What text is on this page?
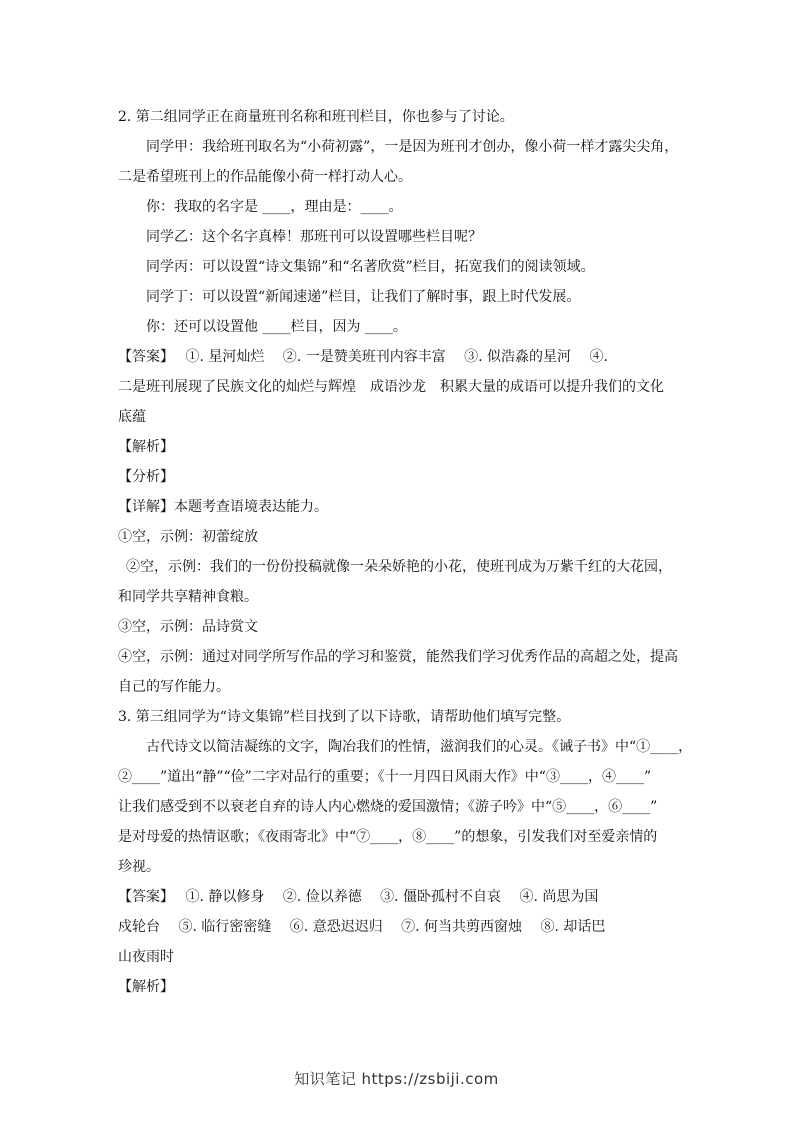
2. 第二组同学正在商量班刊名称和班刊栏目，你也参与了讨论。

同学甲：我给班刊取名为“小荷初露”，一是因为班刊才创办，像小荷一样才露尖尖角，

二是希望班刊上的作品能像小荷一样打动人心。

你：我取的名字是 ____，理由是：____。

同学乙：这个名字真棒！那班刊可以设置哪些栏目呢？

同学丙：可以设置“诗文集锦”和“名著欣赏”栏目，拓宽我们的阅读领域。

同学丁：可以设置“新闻速递”栏目，让我们了解时事，跟上时代发展。

你：还可以设置他 ____栏目，因为 ____。

【答案】　 ①. 星河灿烂　 ②. 一是赞美班刊内容丰富　 ③. 似浩淼的星河　 ④.

二是班刊展现了民族文化的灿烂与辉煌　成语沙龙　积累大量的成语可以提升我们的文化

底蕴

【解析】

【分析】

【详解】本题考查语境表达能力。

①空，示例：初蕾绽放

②空，示例：我们的一份份投稿就像一朵朵娇艳的小花，使班刊成为万紫千红的大花园，

和同学共享精神食粮。

③空，示例：品诗赏文

④空，示例：通过对同学所写作品的学习和鉴赏，能然我们学习优秀作品的高超之处，提高

自己的写作能力。

3. 第三组同学为“诗文集锦”栏目找到了以下诗歌，请帮助他们填写完整。

古代诗文以简洁凝练的文字，陶冶我们的性情，滋润我们的心灵。《诫子书》中“①____，

②____”道出“静”“俭”二字对品行的重要；《十一月四日风雨大作》中“③____，④____”

让我们感受到不以衰老自弃的诗人内心燃烧的爱国激情；《游子吟》中“⑤____，⑥____”

是对母爱的热情讴歌；《夜雨寄北》中“⑦____，⑧____”的想象，引发我们对至爱亲情的

珍视。

【答案】　 ①. 静以修身　 ②. 俭以养德　 ③. 僵卧孤村不自哀　 ④. 尚思为国

戍轮台　 ⑤. 临行密密缝　 ⑥. 意恐迟迟归　 ⑦. 何当共剪西窗烛　 ⑧. 却话巴

山夜雨时

【解析】

知识笔记 https://zsbiji.com
